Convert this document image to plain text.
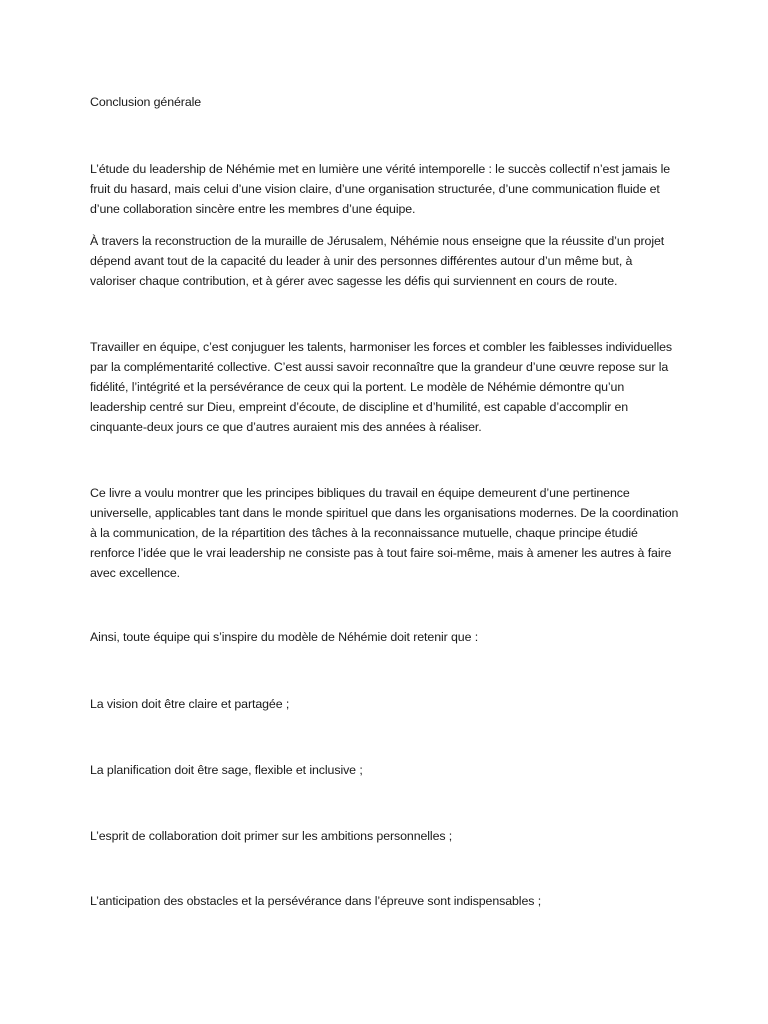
Conclusion générale

L’étude du leadership de Néhémie met en lumière une vérité intemporelle : le succès collectif n’est jamais le fruit du hasard, mais celui d’une vision claire, d’une organisation structurée, d’une communication fluide et d’une collaboration sincère entre les membres d’une équipe.

À travers la reconstruction de la muraille de Jérusalem, Néhémie nous enseigne que la réussite d’un projet dépend avant tout de la capacité du leader à unir des personnes différentes autour d’un même but, à valoriser chaque contribution, et à gérer avec sagesse les défis qui surviennent en cours de route.

Travailler en équipe, c’est conjuguer les talents, harmoniser les forces et combler les faiblesses individuelles par la complémentarité collective. C’est aussi savoir reconnaître que la grandeur d’une œuvre repose sur la fidélité, l’intégrité et la persévérance de ceux qui la portent. Le modèle de Néhémie démontre qu’un leadership centré sur Dieu, empreint d’écoute, de discipline et d’humilité, est capable d’accomplir en cinquante-deux jours ce que d’autres auraient mis des années à réaliser.

Ce livre a voulu montrer que les principes bibliques du travail en équipe demeurent d’une pertinence universelle, applicables tant dans le monde spirituel que dans les organisations modernes. De la coordination à la communication, de la répartition des tâches à la reconnaissance mutuelle, chaque principe étudié renforce l’idée que le vrai leadership ne consiste pas à tout faire soi-même, mais à amener les autres à faire avec excellence.

Ainsi, toute équipe qui s’inspire du modèle de Néhémie doit retenir que :

La vision doit être claire et partagée ;

La planification doit être sage, flexible et inclusive ;

L’esprit de collaboration doit primer sur les ambitions personnelles ;

L’anticipation des obstacles et la persévérance dans l’épreuve sont indispensables ;
